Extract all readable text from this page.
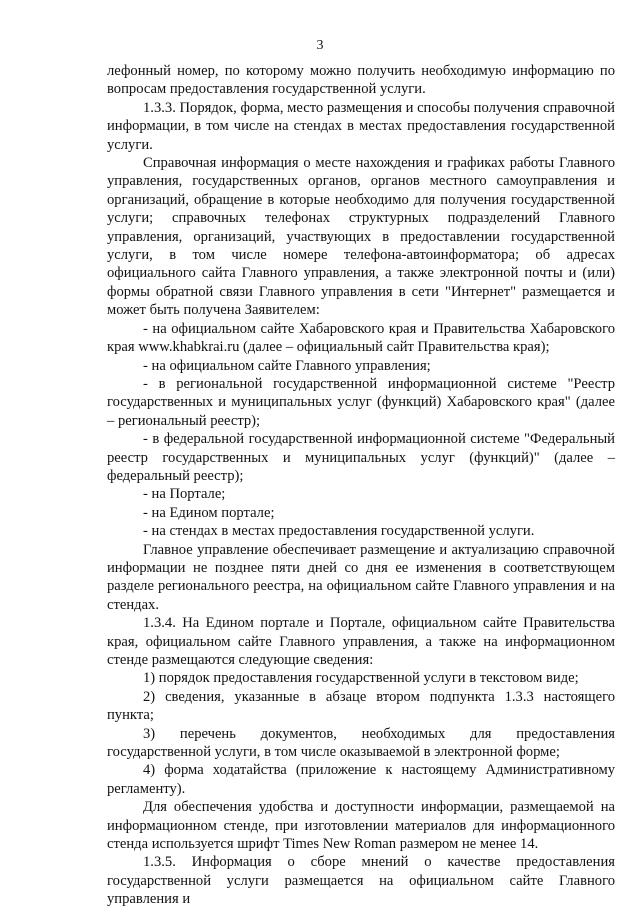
3

лефонный номер, по которому можно получить необходимую информацию по вопросам предоставления государственной услуги.

1.3.3. Порядок, форма, место размещения и способы получения справочной информации, в том числе на стендах в местах предоставления государственной услуги.

Справочная информация о месте нахождения и графиках работы Главного управления, государственных органов, органов местного самоуправления и организаций, обращение в которые необходимо для получения государственной услуги; справочных телефонах структурных подразделений Главного управления, организаций, участвующих в предоставлении государственной услуги, в том числе номере телефона-автоинформатора; об адресах официального сайта Главного управления, а также электронной почты и (или) формы обратной связи Главного управления в сети "Интернет" размещается и может быть получена Заявителем:

- на официальном сайте Хабаровского края и Правительства Хабаровского края www.khabkrai.ru (далее – официальный сайт Правительства края);

- на официальном сайте Главного управления;

- в региональной государственной информационной системе "Реестр государственных и муниципальных услуг (функций) Хабаровского края" (далее – региональный реестр);

- в федеральной государственной информационной системе "Федеральный реестр государственных и муниципальных услуг (функций)" (далее – федеральный реестр);

- на Портале;

- на Едином портале;

- на стендах в местах предоставления государственной услуги.

Главное управление обеспечивает размещение и актуализацию справочной информации не позднее пяти дней со дня ее изменения в соответствующем разделе регионального реестра, на официальном сайте Главного управления и на стендах.

1.3.4. На Едином портале и Портале, официальном сайте Правительства края, официальном сайте Главного управления, а также на информационном стенде размещаются следующие сведения:

1) порядок предоставления государственной услуги в текстовом виде;

2) сведения, указанные в абзаце втором подпункта 1.3.3 настоящего пункта;

3) перечень документов, необходимых для предоставления государственной услуги, в том числе оказываемой в электронной форме;

4) форма ходатайства (приложение к настоящему Административному регламенту).

Для обеспечения удобства и доступности информации, размещаемой на информационном стенде, при изготовлении материалов для информационного стенда используется шрифт Times New Roman размером не менее 14.

1.3.5. Информация о сборе мнений о качестве предоставления государственной услуги размещается на официальном сайте Главного управления и
